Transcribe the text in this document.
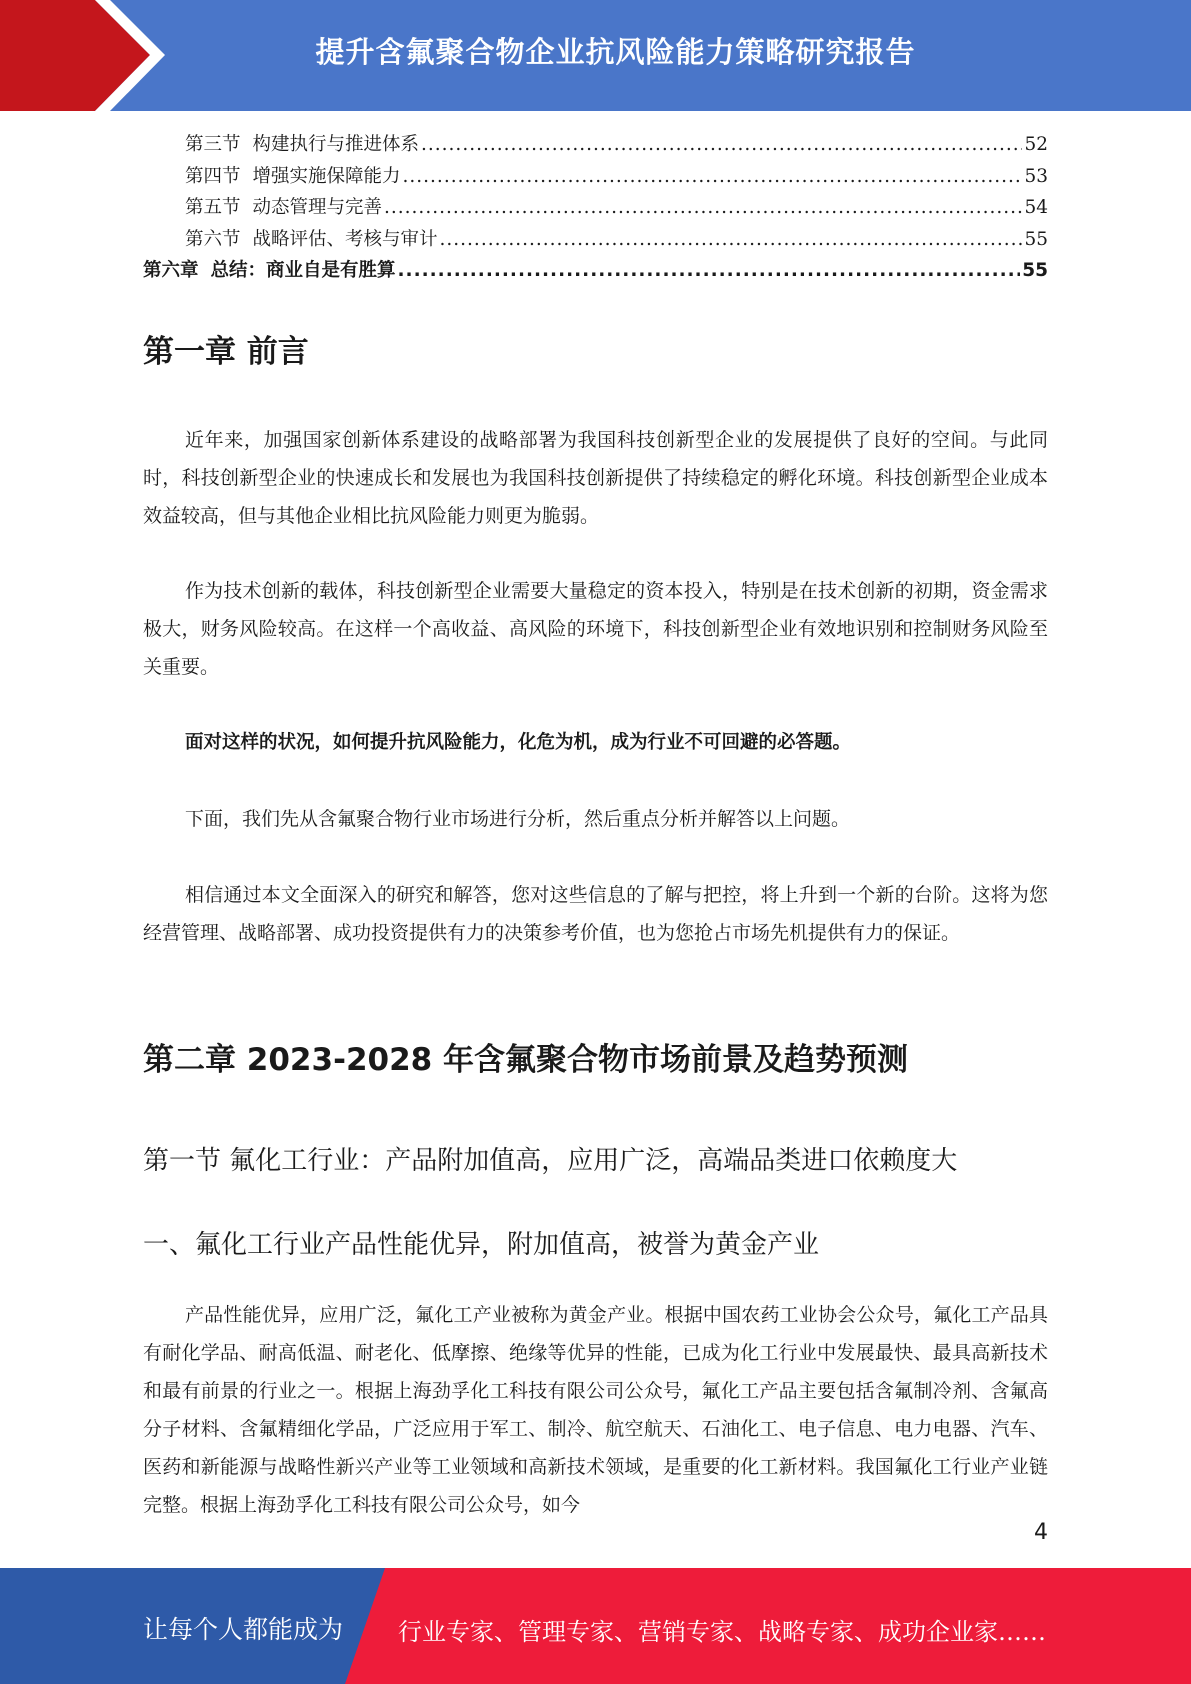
提升含氟聚合物企业抗风险能力策略研究报告
第三节 构建执行与推进体系 .....	52
第四节 增强实施保障能力 .....	53
第五节 动态管理与完善 .....	54
第六节 战略评估、考核与审计 .....	55
第六章 总结：商业自是有胜算 .....	55
第一章 前言
近年来，加强国家创新体系建设的战略部署为我国科技创新型企业的发展提供了良好的空间。与此同时，科技创新型企业的快速成长和发展也为我国科技创新提供了持续稳定的孵化环境。科技创新型企业成本效益较高，但与其他企业相比抗风险能力则更为脆弱。
作为技术创新的载体，科技创新型企业需要大量稳定的资本投入，特别是在技术创新的初期，资金需求极大，财务风险较高。在这样一个高收益、高风险的环境下，科技创新型企业有效地识别和控制财务风险至关重要。
面对这样的状况，如何提升抗风险能力，化危为机，成为行业不可回避的必答题。
下面，我们先从含氟聚合物行业市场进行分析，然后重点分析并解答以上问题。
相信通过本文全面深入的研究和解答，您对这些信息的了解与把控，将上升到一个新的台阶。这将为您经营管理、战略部署、成功投资提供有力的决策参考价值，也为您抢占市场先机提供有力的保证。
第二章 2023-2028 年含氟聚合物市场前景及趋势预测
第一节 氟化工行业：产品附加值高，应用广泛，高端品类进口依赖度大
一、氟化工行业产品性能优异，附加值高，被誉为黄金产业
产品性能优异，应用广泛，氟化工产业被称为黄金产业。根据中国农药工业协会公众号，氟化工产品具有耐化学品、耐高低温、耐老化、低摩擦、绝缘等优异的性能，已成为化工行业中发展最快、最具高新技术和最有前景的行业之一。根据上海劲孚化工科技有限公司公众号，氟化工产品主要包括含氟制冷剂、含氟高分子材料、含氟精细化学品，广泛应用于军工、制冷、航空航天、石油化工、电子信息、电力电器、汽车、医药和新能源与战略性新兴产业等工业领域和高新技术领域，是重要的化工新材料。我国氟化工行业产业链完整。根据上海劲孚化工科技有限公司公众号，如今
4
让每个人都能成为 行业专家、管理专家、营销专家、战略专家、成功企业家……
